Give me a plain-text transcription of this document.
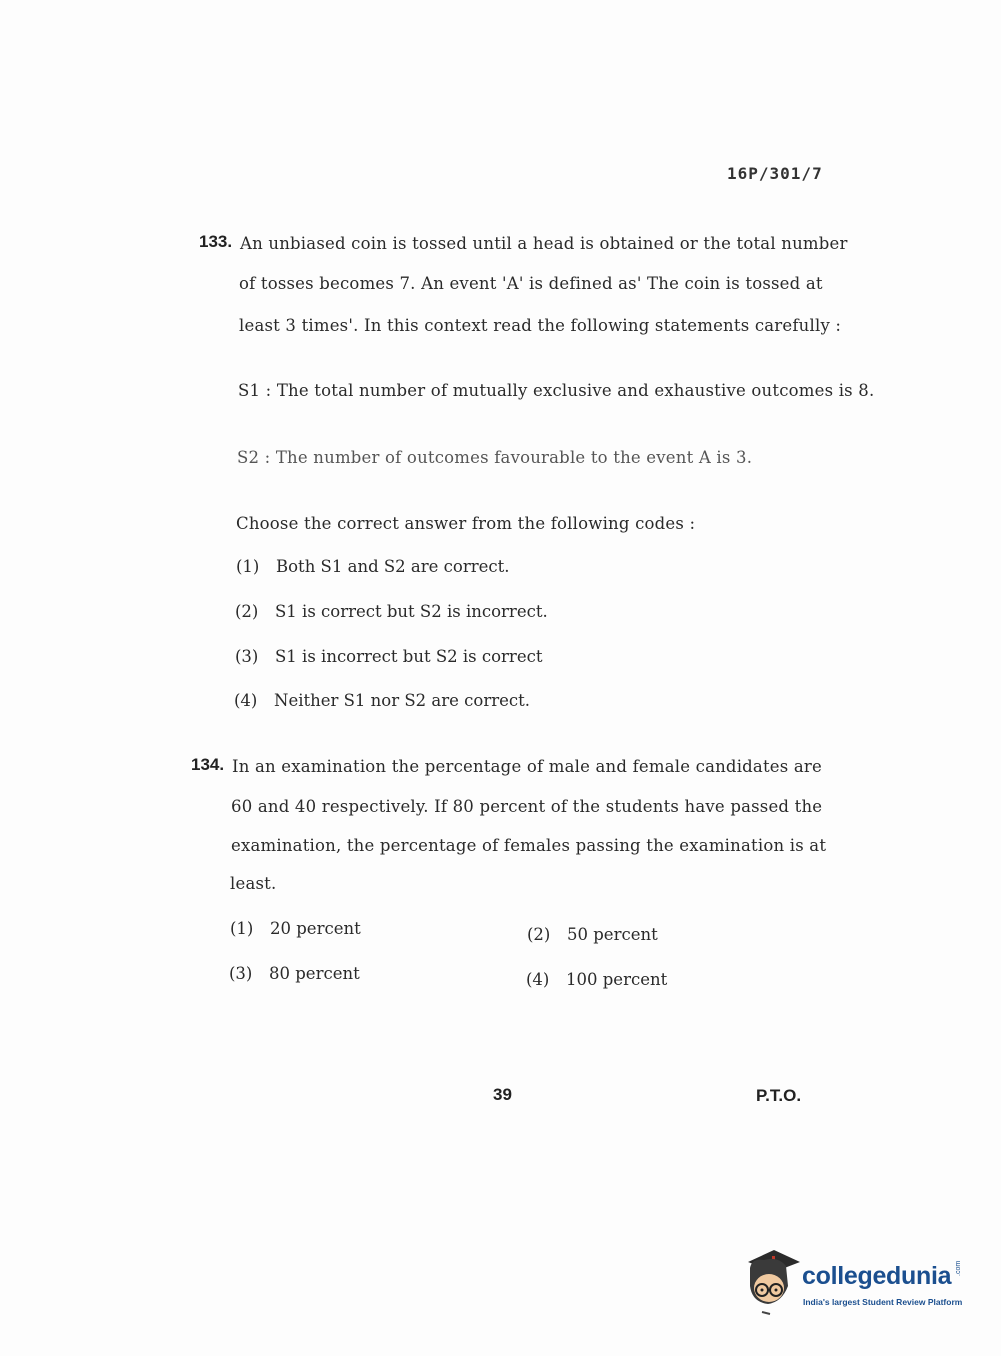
16P/301/7
133. An unbiased coin is tossed until a head is obtained or the total number
of tosses becomes 7. An event 'A' is defined as' The coin is tossed at
least 3 times'. In this context read the following statements carefully :
S1 : The total number of mutually exclusive and exhaustive outcomes is 8.
S2 : The number of outcomes favourable to the event A is 3.
Choose the correct answer from the following codes :
(1) Both S1 and S2 are correct.
(2) S1 is correct but S2 is incorrect.
(3) S1 is incorrect but S2 is correct
(4) Neither S1 nor S2 are correct.
134. In an examination the percentage of male and female candidates are
60 and 40 respectively. If 80 percent of the students have passed the
examination, the percentage of females passing the examination is at
least.
(1) 20 percent	(2) 50 percent
(3) 80 percent	(4) 100 percent
39	P.T.O.
collegedunia .com
India's largest Student Review Platform
